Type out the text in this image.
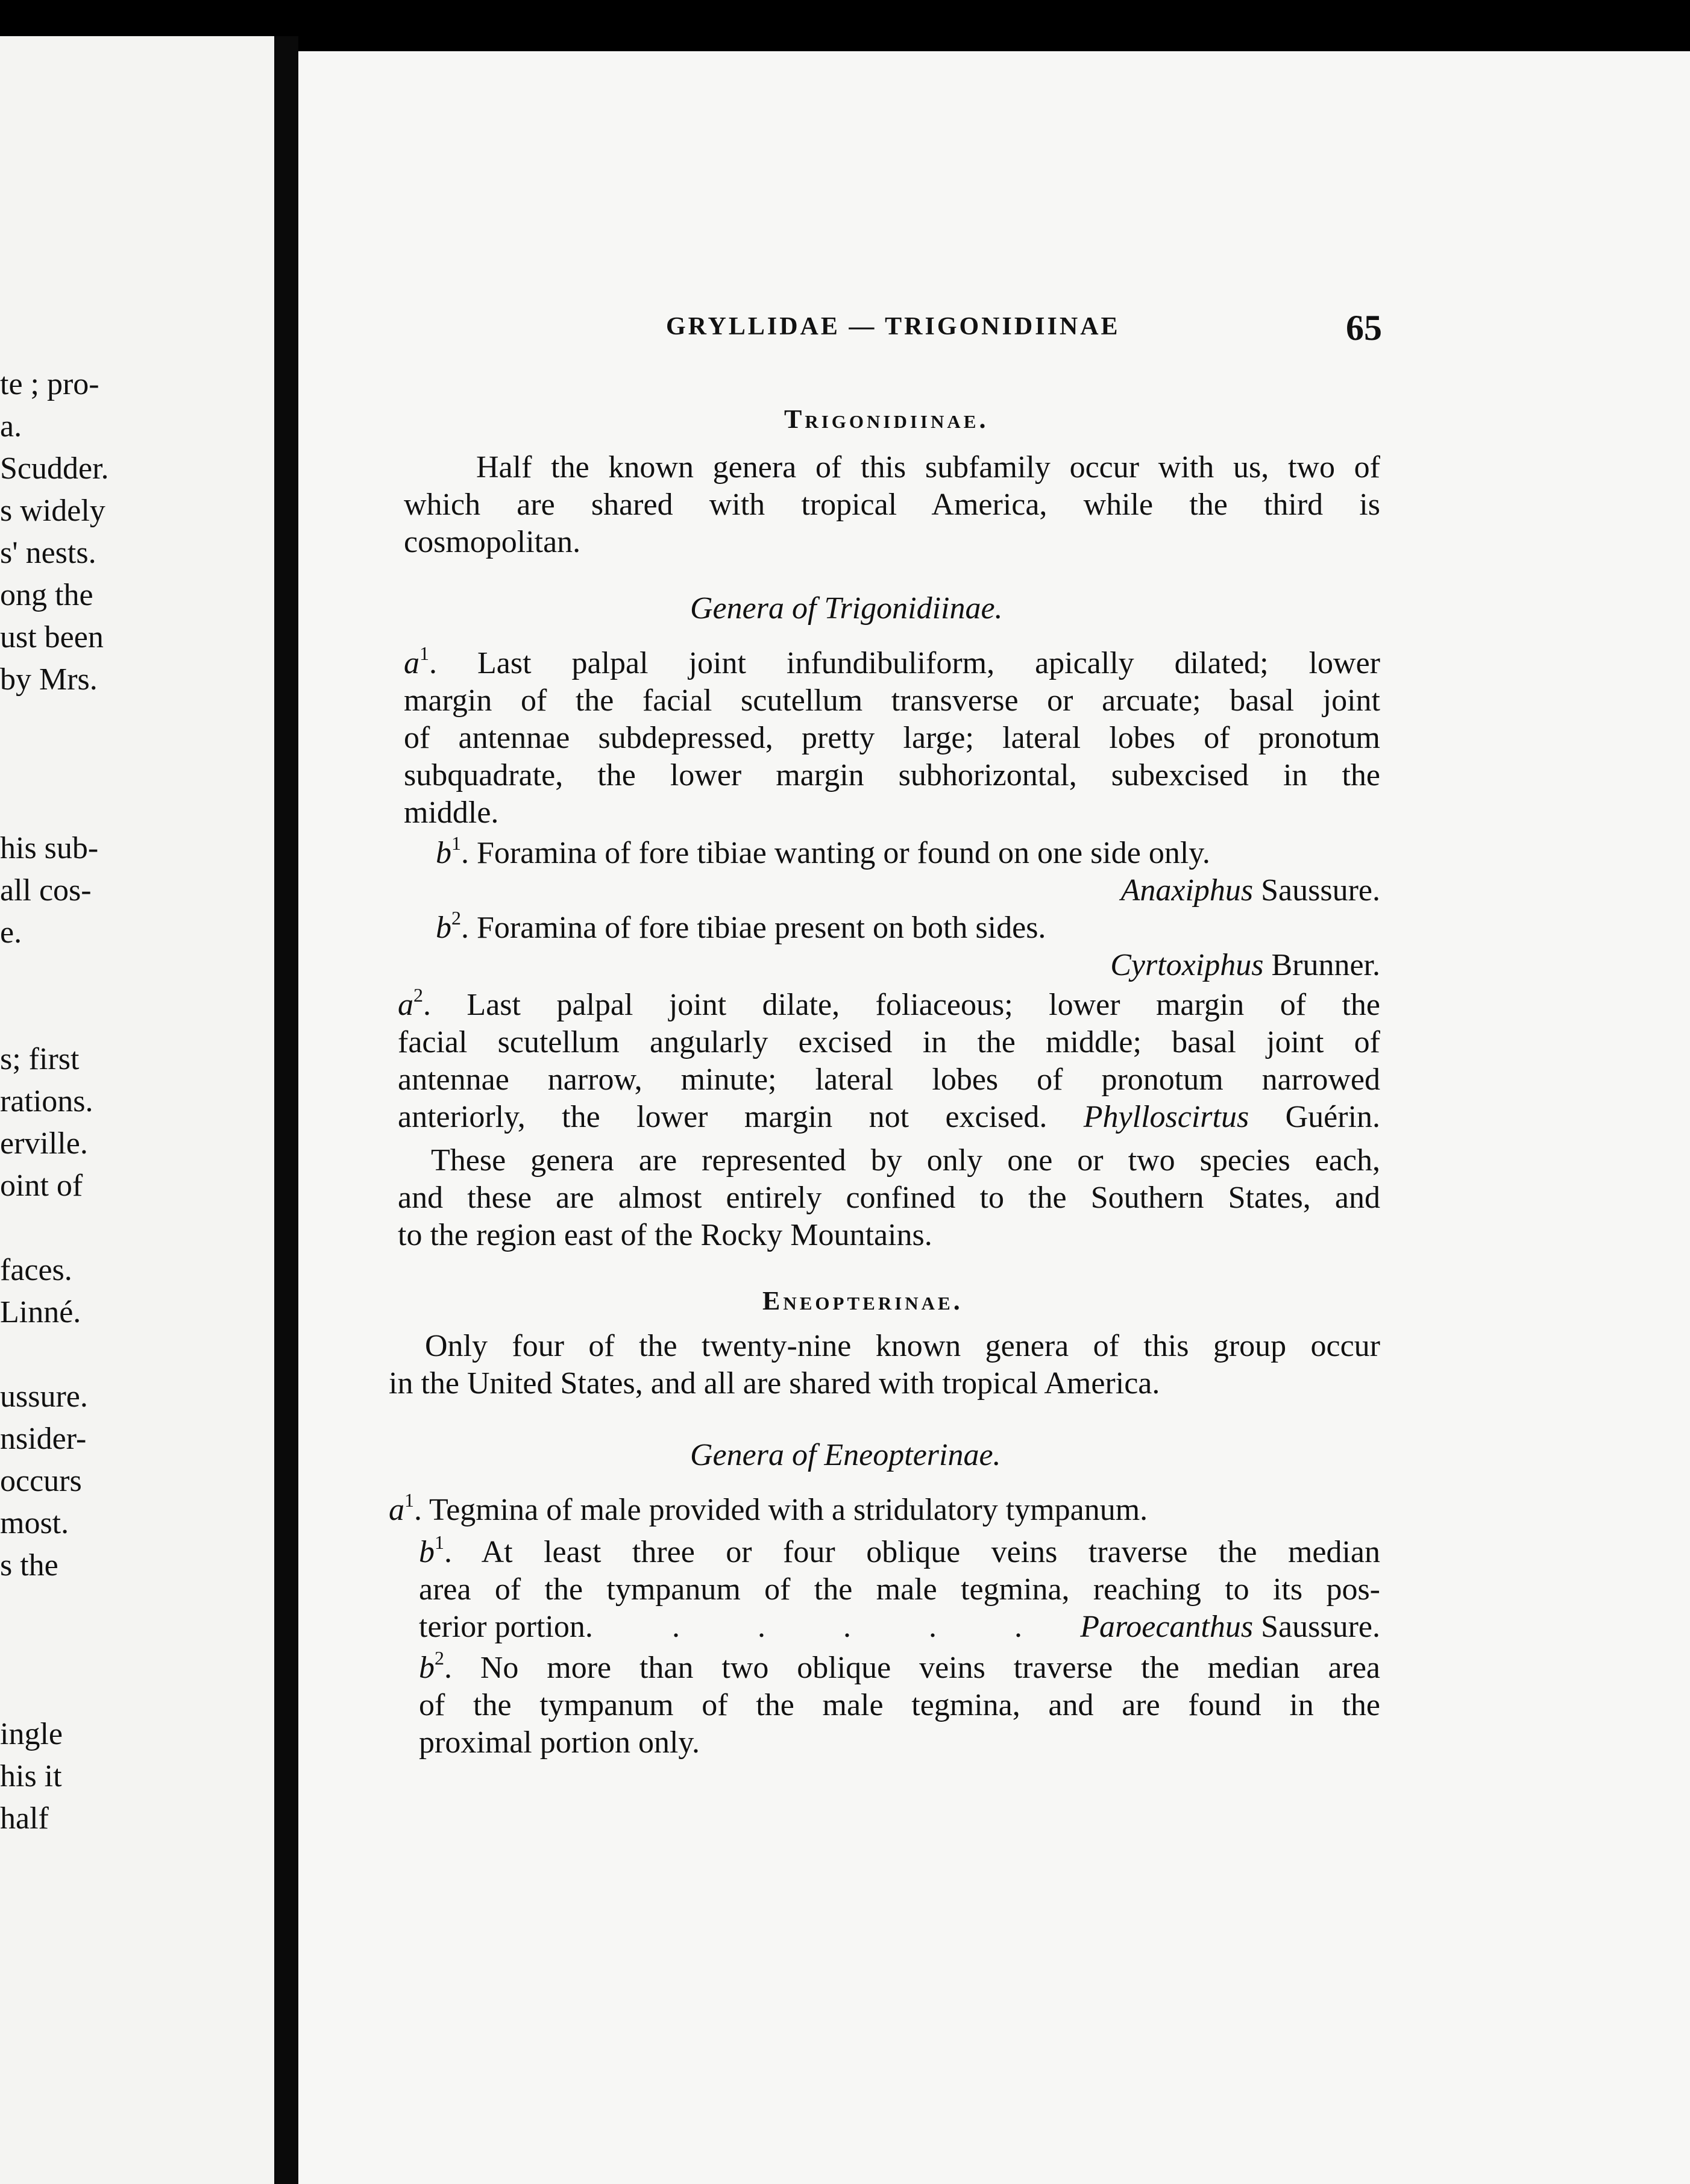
te ; pro-
a.
Scudder.
s widely
s' nests.
ong the
ust been
by Mrs.
his sub-
all cos-
e.
s; first
rations.
erville.
oint of
faces.
Linné.
ussure.
nsider-
occurs
most.
s the
ingle
his it
half
GRYLLIDAE — TRIGONIDIINAE	65
Trigonidiinae.
Half the known genera of this subfamily occur with us, two of
which are shared with tropical America, while the third is
cosmopolitan.
Genera of Trigonidiinae.
$a^1$. Last palpal joint infundibuliform, apically dilated; lower
margin of the facial scutellum transverse or arcuate; basal joint
of antennae subdepressed, pretty large; lateral lobes of pronotum
subquadrate, the lower margin subhorizontal, subexcised in the
middle.
$b^1$. Foramina of fore tibiae wanting or found on one side only.
Anaxiphus Saussure.
$b^2$. Foramina of fore tibiae present on both sides.
Cyrtoxiphus Brunner.
$a^2$. Last palpal joint dilate, foliaceous; lower margin of the
facial scutellum angularly excised in the middle; basal joint of
antennae narrow, minute; lateral lobes of pronotum narrowed
anteriorly, the lower margin not excised. Phylloscirtus Guérin.
These genera are represented by only one or two species each,
and these are almost entirely confined to the Southern States, and
to the region east of the Rocky Mountains.
Eneopterinae.
Only four of the twenty-nine known genera of this group occur
in the United States, and all are shared with tropical America.
Genera of Eneopterinae.
$a^1$. Tegmina of male provided with a stridulatory tympanum.
$b^1$. At least three or four oblique veins traverse the median
area of the tympanum of the male tegmina, reaching to its pos-
terior portion.	. . . . . Paroecanthus Saussure.
$b^2$. No more than two oblique veins traverse the median area
of the tympanum of the male tegmina, and are found in the
proximal portion only.
